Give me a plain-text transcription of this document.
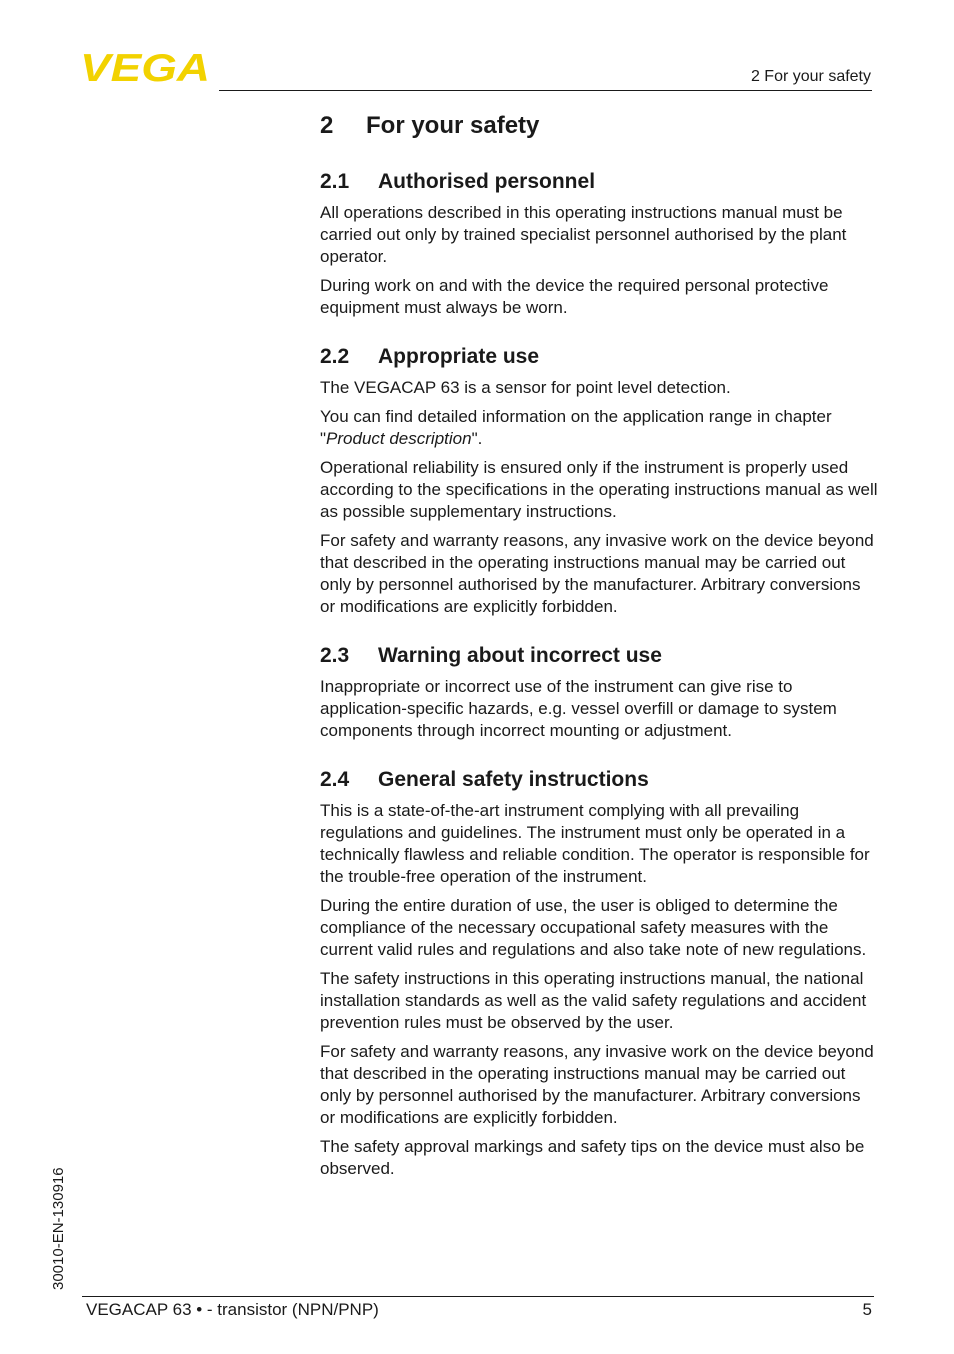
VEGA	2 For your safety
2 For your safety
2.1 Authorised personnel

All operations described in this operating instructions manual must be carried out only by trained specialist personnel authorised by the plant operator.

During work on and with the device the required personal protective equipment must always be worn.

2.2 Appropriate use

The VEGACAP 63 is a sensor for point level detection.

You can find detailed information on the application range in chapter "Product description".

Operational reliability is ensured only if the instrument is properly used according to the specifications in the operating instructions manual as well as possible supplementary instructions.

For safety and warranty reasons, any invasive work on the device beyond that described in the operating instructions manual may be carried out only by personnel authorised by the manufacturer. Arbitrary conversions or modifications are explicitly forbidden.

2.3 Warning about incorrect use

Inappropriate or incorrect use of the instrument can give rise to application-specific hazards, e.g. vessel overfill or damage to system components through incorrect mounting or adjustment.

2.4 General safety instructions

This is a state-of-the-art instrument complying with all prevailing regulations and guidelines. The instrument must only be operated in a technically flawless and reliable condition. The operator is responsible for the trouble-free operation of the instrument.

During the entire duration of use, the user is obliged to determine the compliance of the necessary occupational safety measures with the current valid rules and regulations and also take note of new regulations.

The safety instructions in this operating instructions manual, the national installation standards as well as the valid safety regulations and accident prevention rules must be observed by the user.

For safety and warranty reasons, any invasive work on the device beyond that described in the operating instructions manual may be carried out only by personnel authorised by the manufacturer. Arbitrary conversions or modifications are explicitly forbidden.

The safety approval markings and safety tips on the device must also be observed.

30010-EN-130916
VEGACAP 63 • - transistor (NPN/PNP)	5
